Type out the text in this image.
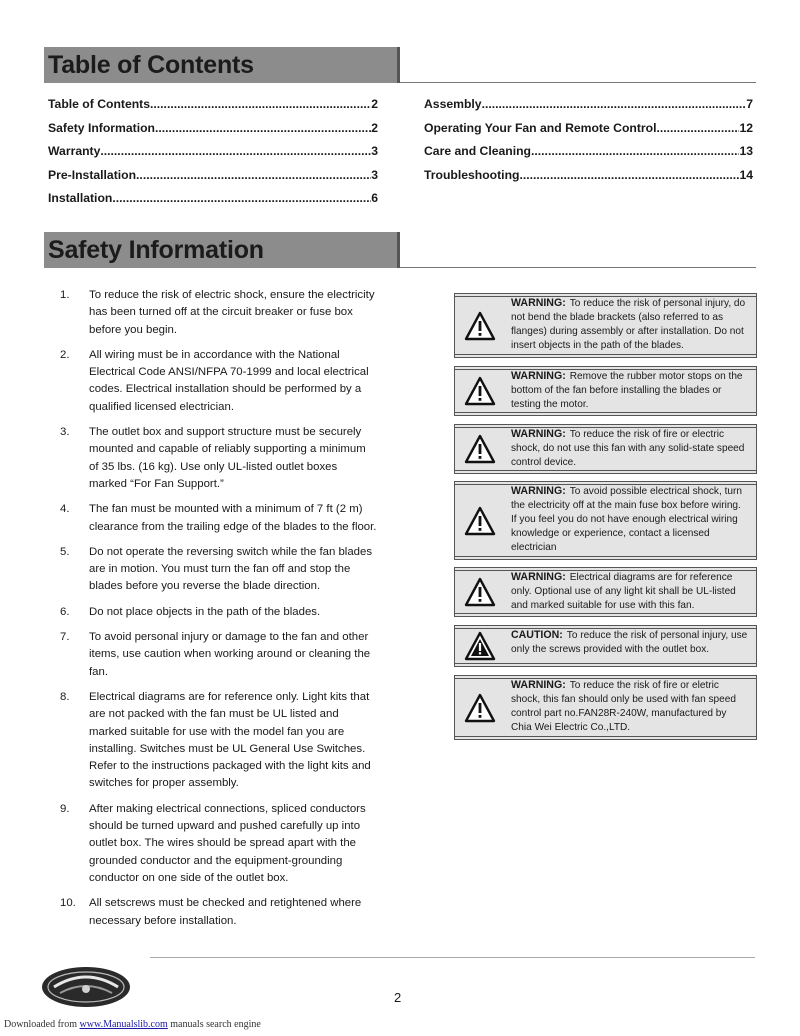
Table of Contents
Table of Contents .....	2
Safety Information .....	2
Warranty .....	3
Pre-Installation .....	3
Installation .....	6
Assembly .....	7
Operating Your Fan and Remote Control .....	12
Care and Cleaning .....	13
Troubleshooting .....	14
Safety Information
1. To reduce the risk of electric shock, ensure the electricity has been turned off at the circuit breaker or fuse box before you begin.
2. All wiring must be in accordance with the National Electrical Code ANSI/NFPA 70-1999 and local electrical codes. Electrical installation should be performed by a qualified licensed electrician.
3. The outlet box and support structure must be securely mounted and capable of reliably supporting a minimum of 35 lbs. (16 kg). Use only UL-listed outlet boxes marked “For Fan Support.”
4. The fan must be mounted with a minimum of 7 ft (2 m) clearance from the trailing edge of the blades to the floor.
5. Do not operate the reversing switch while the fan blades are in motion. You must turn the fan off and stop the blades before you reverse the blade direction.
6. Do not place objects in the path of the blades.
7. To avoid personal injury or damage to the fan and other items, use caution when working around or cleaning the fan.
8. Electrical diagrams are for reference only. Light kits that are not packed with the fan must be UL listed and marked suitable for use with the model fan you are installing. Switches must be UL General Use Switches. Refer to the instructions packaged with the light kits and switches for proper assembly.
9. After making electrical connections, spliced conductors should be turned upward and pushed carefully up into outlet box. The wires should be spread apart with the grounded conductor and the equipment-grounding conductor on one side of the outlet box.
10. All setscrews must be checked and retightened where necessary before installation.
WARNING: To reduce the risk of personal injury, do not bend the blade brackets (also referred to as flanges) during assembly or after installation. Do not insert objects in the path of the blades.
WARNING: Remove the rubber motor stops on the bottom of the fan before installing the blades or testing the motor.
WARNING: To reduce the risk of fire or electric shock, do not use this fan with any solid-state speed control device.
WARNING: To avoid possible electrical shock, turn the electricity off at the main fuse box before wiring. If you feel you do not have enough electrical wiring knowledge or experience, contact a licensed electrician
WARNING: Electrical diagrams are for reference only. Optional use of any light kit shall be UL-listed and marked suitable for use with this fan.
CAUTION: To reduce the risk of personal injury, use only the screws provided with the outlet box.
WARNING: To reduce the risk of fire or eletric shock, this fan should only be used with fan speed control part no.FAN28R-240W, manufactured by Chia Wei Electric Co.,LTD.
2
Downloaded from www.Manualslib.com manuals search engine
